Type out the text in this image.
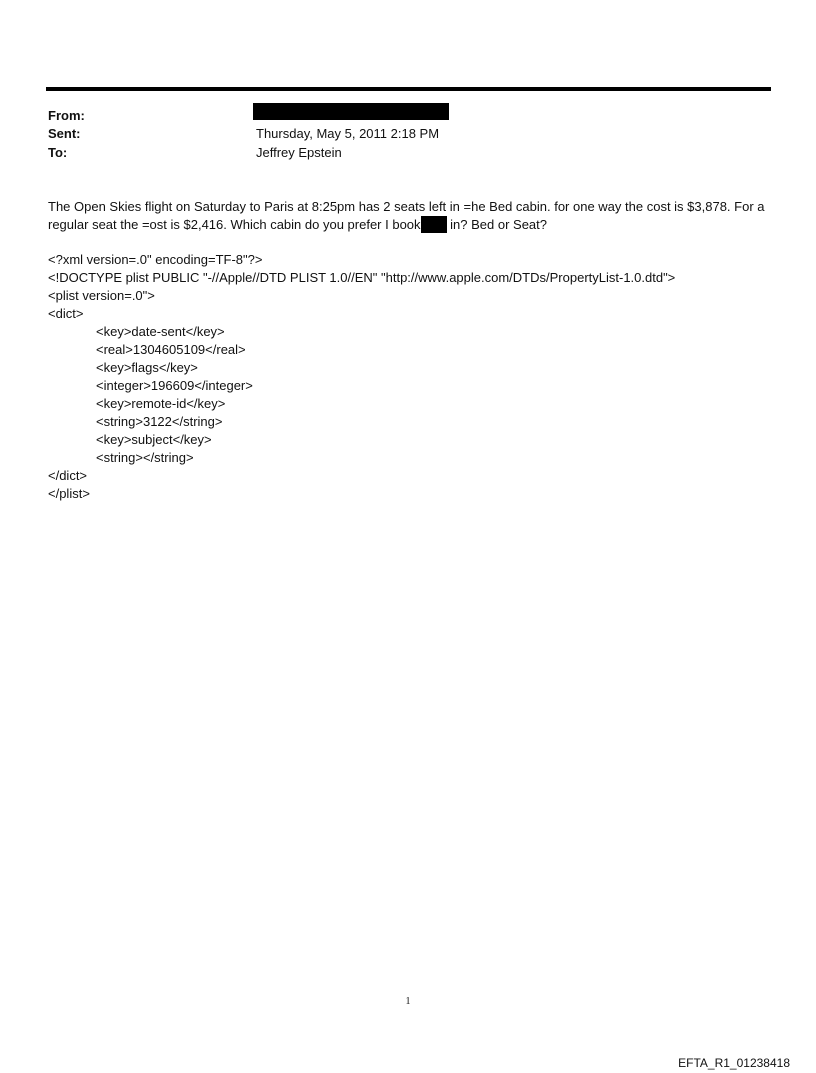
From:
Sent:	Thursday, May 5, 2011 2:18 PM
To:	Jeffrey Epstein
The Open Skies flight on Saturday to Paris at 8:25pm has 2 seats left in =he Bed cabin. for one way the cost is $3,878. For a regular seat the =ost is $2,416. Which cabin do you prefer I book in? Bed or Seat?
<?xml version=.0" encoding=TF-8"?>
<!DOCTYPE plist PUBLIC "-//Apple//DTD PLIST 1.0//EN" "http://www.apple.com/DTDs/PropertyList-1.0.dtd">
<plist version=.0">
<dict>
<key>date-sent</key>
<real>1304605109</real>
<key>flags</key>
<integer>196609</integer>
<key>remote-id</key>
<string>3122</string>
<key>subject</key>
<string></string>
</dict>
</plist>
1
EFTA_R1_01238418
